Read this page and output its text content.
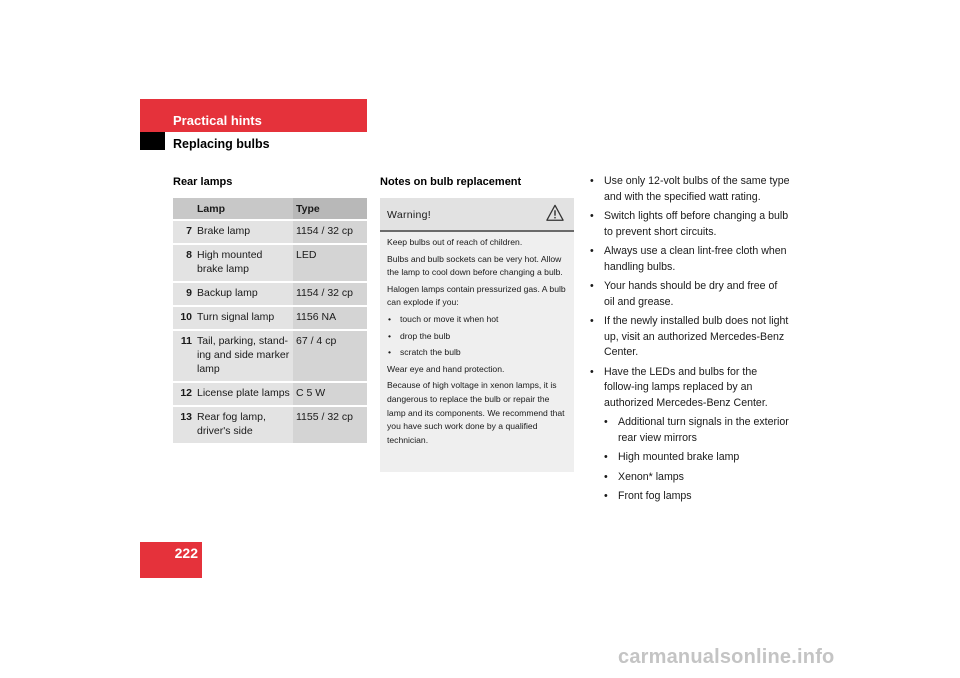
Practical hints
Replacing bulbs
Rear lamps
	Lamp	Type
7	Brake lamp	1154 / 32 cp
8	High mounted brake lamp	LED
9	Backup lamp	1154 / 32 cp
10	Turn signal lamp	1156 NA
11	Tail, parking, stand-ing and side marker lamp	67 / 4 cp
12	License plate lamps	C 5 W
13	Rear fog lamp, driver's side	1155 / 32 cp
Notes on bulb replacement
Warning!

Keep bulbs out of reach of children.

Bulbs and bulb sockets can be very hot. Allow the lamp to cool down before changing a bulb.

Halogen lamps contain pressurized gas. A bulb can explode if you:

• touch or move it when hot
• drop the bulb
• scratch the bulb

Wear eye and hand protection.

Because of high voltage in xenon lamps, it is dangerous to replace the bulb or repair the lamp and its components. We recommend that you have such work done by a qualified technician.

• Use only 12-volt bulbs of the same type and with the specified watt rating.
• Switch lights off before changing a bulb to prevent short circuits.
• Always use a clean lint-free cloth when handling bulbs.
• Your hands should be dry and free of oil and grease.
• If the newly installed bulb does not light up, visit an authorized Mercedes-Benz Center.
• Have the LEDs and bulbs for the follow-ing lamps replaced by an authorized Mercedes-Benz Center.
• Additional turn signals in the exterior rear view mirrors
• High mounted brake lamp
• Xenon* lamps
• Front fog lamps
222
carmanualsonline.info
